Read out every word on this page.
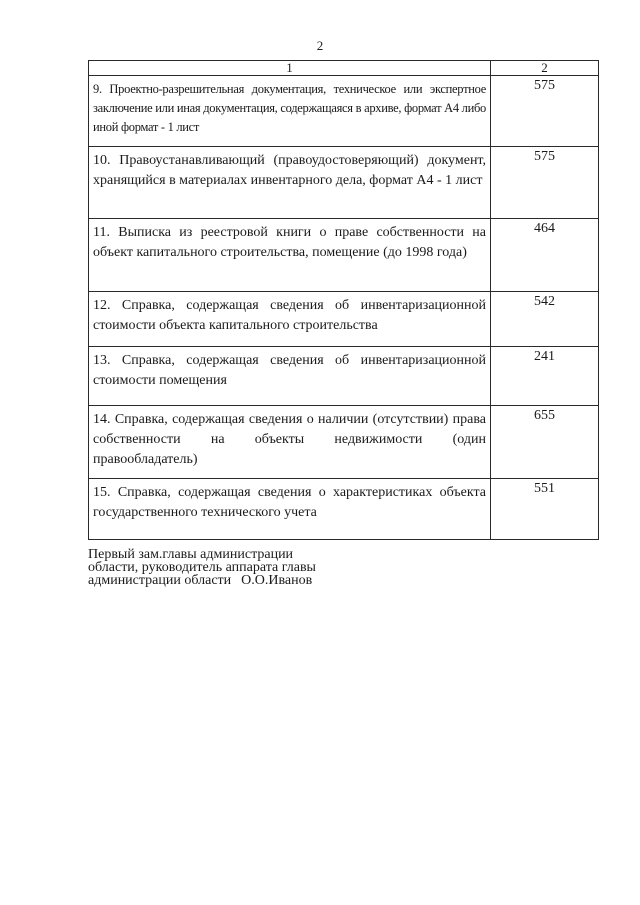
2
1	2
9. Проектно-разрешительная документация, техническое или экспертное заключение или иная документация, содержащаяся в архиве, формат А4 либо иной формат - 1 лист	575
10. Правоустанавливающий (правоудостоверяющий) документ, хранящийся в материалах инвентарного дела, формат А4 - 1 лист	575
11. Выписка из реестровой книги о праве собственности на объект капитального строительства, помещение (до 1998 года)	464
12. Справка, содержащая сведения об инвентаризационной стоимости объекта капитального строительства	542
13. Справка, содержащая сведения об инвентаризационной стоимости помещения	241
14. Справка, содержащая сведения о наличии (отсутствии) права собственности на объекты недвижимости (один правообладатель)	655
15. Справка, содержащая сведения о характеристиках объекта государственного технического учета	551
Первый зам.главы администрации
области, руководитель аппарата главы
администрации области О.О.Иванов
